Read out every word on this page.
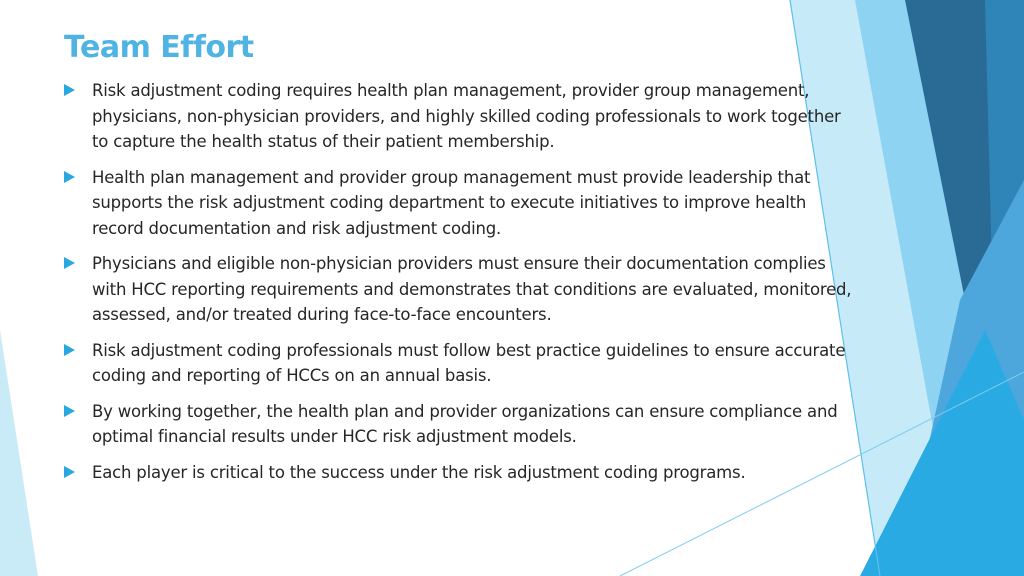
Team Effort
Risk adjustment coding requires health plan management, provider group management, physicians, non-physician providers, and highly skilled coding professionals to work together to capture the health status of their patient membership.
Health plan management and provider group management must provide leadership that supports the risk adjustment coding department to execute initiatives to improve health record documentation and risk adjustment coding.
Physicians and eligible non-physician providers must ensure their documentation complies with HCC reporting requirements and demonstrates that conditions are evaluated, monitored, assessed, and/or treated during face-to-face encounters.
Risk adjustment coding professionals must follow best practice guidelines to ensure accurate coding and reporting of HCCs on an annual basis.
By working together, the health plan and provider organizations can ensure compliance and optimal financial results under HCC risk adjustment models.
Each player is critical to the success under the risk adjustment coding programs.
